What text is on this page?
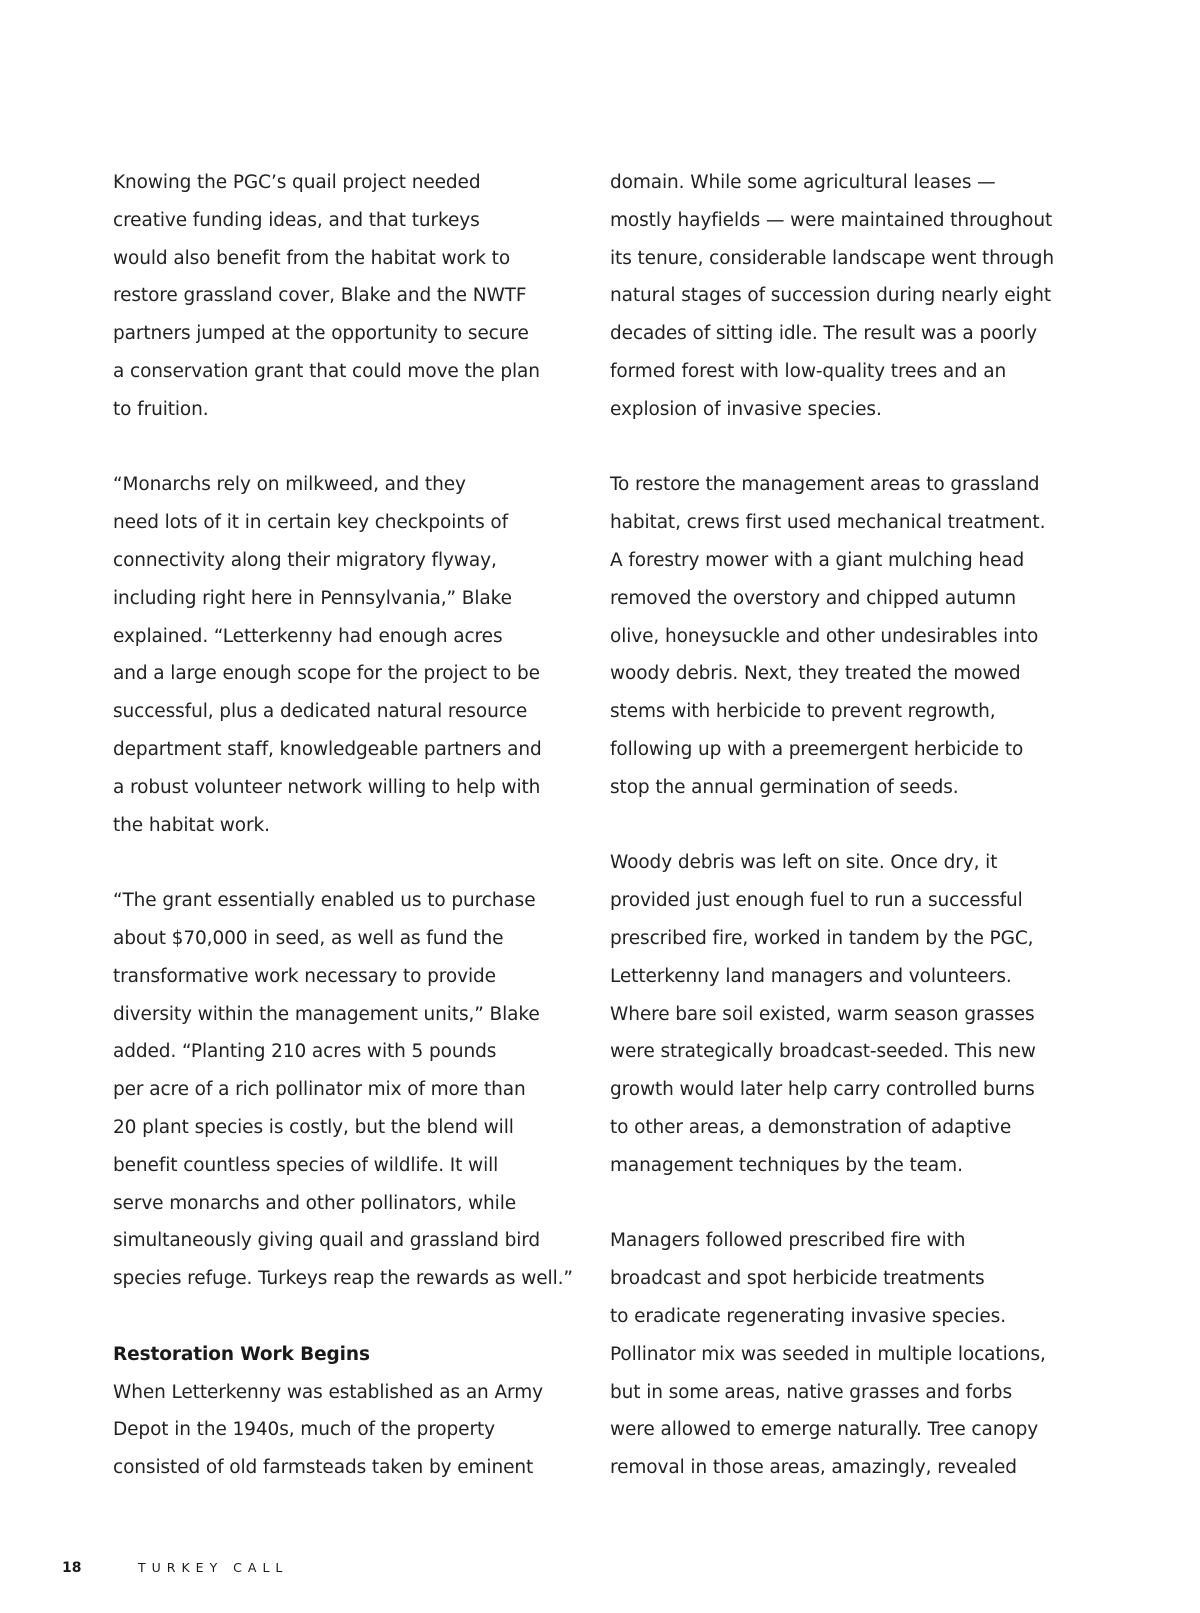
Knowing the PGC’s quail project needed
creative funding ideas, and that turkeys
would also benefit from the habitat work to
restore grassland cover, Blake and the NWTF
partners jumped at the opportunity to secure
a conservation grant that could move the plan
to fruition.
“Monarchs rely on milkweed, and they
need lots of it in certain key checkpoints of
connectivity along their migratory flyway,
including right here in Pennsylvania,” Blake
explained. “Letterkenny had enough acres
and a large enough scope for the project to be
successful, plus a dedicated natural resource
department staff, knowledgeable partners and
a robust volunteer network willing to help with
the habitat work.
“The grant essentially enabled us to purchase
about $70,000 in seed, as well as fund the
transformative work necessary to provide
diversity within the management units,” Blake
added. “Planting 210 acres with 5 pounds
per acre of a rich pollinator mix of more than
20 plant species is costly, but the blend will
benefit countless species of wildlife. It will
serve monarchs and other pollinators, while
simultaneously giving quail and grassland bird
species refuge. Turkeys reap the rewards as well.”
Restoration Work Begins
When Letterkenny was established as an Army
Depot in the 1940s, much of the property
consisted of old farmsteads taken by eminent
domain. While some agricultural leases —
mostly hayfields — were maintained throughout
its tenure, considerable landscape went through
natural stages of succession during nearly eight
decades of sitting idle. The result was a poorly
formed forest with low-quality trees and an
explosion of invasive species.
To restore the management areas to grassland
habitat, crews first used mechanical treatment.
A forestry mower with a giant mulching head
removed the overstory and chipped autumn
olive, honeysuckle and other undesirables into
woody debris. Next, they treated the mowed
stems with herbicide to prevent regrowth,
following up with a preemergent herbicide to
stop the annual germination of seeds.
Woody debris was left on site. Once dry, it
provided just enough fuel to run a successful
prescribed fire, worked in tandem by the PGC,
Letterkenny land managers and volunteers.
Where bare soil existed, warm season grasses
were strategically broadcast-seeded. This new
growth would later help carry controlled burns
to other areas, a demonstration of adaptive
management techniques by the team.
Managers followed prescribed fire with
broadcast and spot herbicide treatments
to eradicate regenerating invasive species.
Pollinator mix was seeded in multiple locations,
but in some areas, native grasses and forbs
were allowed to emerge naturally. Tree canopy
removal in those areas, amazingly, revealed
18	TURKEY CALL
